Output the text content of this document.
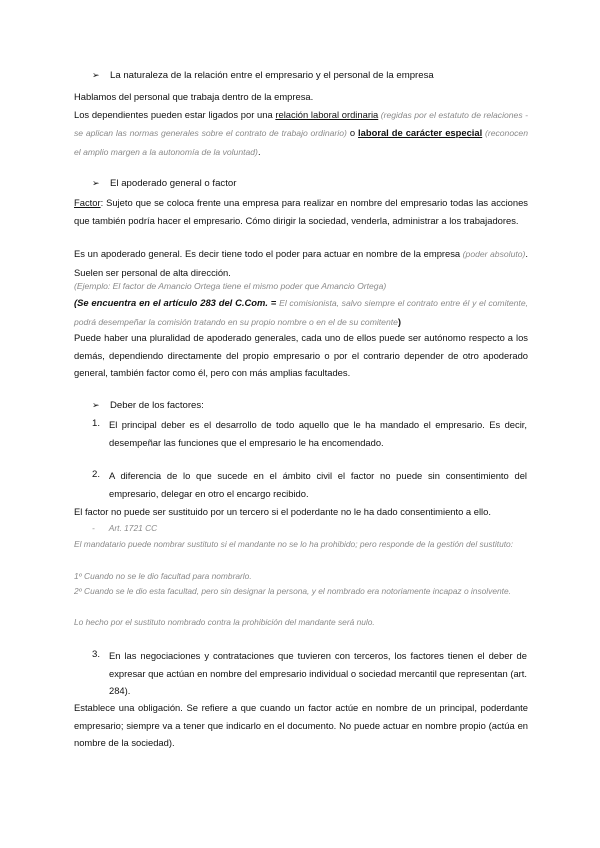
➢ La naturaleza de la relación entre el empresario y el personal de la empresa
Hablamos del personal que trabaja dentro de la empresa.
Los dependientes pueden estar ligados por una relación laboral ordinaria (regidas por el estatuto de relaciones - se aplican las normas generales sobre el contrato de trabajo ordinario) o laboral de carácter especial (reconocen el amplio margen a la autonomía de la voluntad).
➢ El apoderado general o factor
Factor: Sujeto que se coloca frente una empresa para realizar en nombre del empresario todas las acciones que también podría hacer el empresario. Cómo dirigir la sociedad, venderla, administrar a los trabajadores.
Es un apoderado general. Es decir tiene todo el poder para actuar en nombre de la empresa (poder absoluto). Suelen ser personal de alta dirección.
(Ejemplo: El factor de Amancio Ortega tiene el mismo poder que Amancio Ortega)
(Se encuentra en el artículo 283 del C.Com. = El comisionista, salvo siempre el contrato entre él y el comitente, podrá desempeñar la comisión tratando en su propio nombre o en el de su comitente)
Puede haber una pluralidad de apoderado generales, cada uno de ellos puede ser autónomo respecto a los demás, dependiendo directamente del propio empresario o por el contrario depender de otro apoderado general, también factor como él, pero con más amplias facultades.
➢ Deber de los factores:
1. El principal deber es el desarrollo de todo aquello que le ha mandado el empresario. Es decir, desempeñar las funciones que el empresario le ha encomendado.
2. A diferencia de lo que sucede en el ámbito civil el factor no puede sin consentimiento del empresario, delegar en otro el encargo recibido.
El factor no puede ser sustituido por un tercero si el poderdante no le ha dado consentimiento a ello.
- Art. 1721 CC
El mandatario puede nombrar sustituto si el mandante no se lo ha prohibido; pero responde de la gestión del sustituto:
1º Cuando no se le dio facultad para nombrarlo.
2º Cuando se le dio esta facultad, pero sin designar la persona, y el nombrado era notoriamente incapaz o insolvente.
Lo hecho por el sustituto nombrado contra la prohibición del mandante será nulo.
3. En las negociaciones y contrataciones que tuvieren con terceros, los factores tienen el deber de expresar que actúan en nombre del empresario individual o sociedad mercantil que representan (art. 284).
Establece una obligación. Se refiere a que cuando un factor actúe en nombre de un principal, poderdante empresario; siempre va a tener que indicarlo en el documento. No puede actuar en nombre propio (actúa en nombre de la sociedad).
